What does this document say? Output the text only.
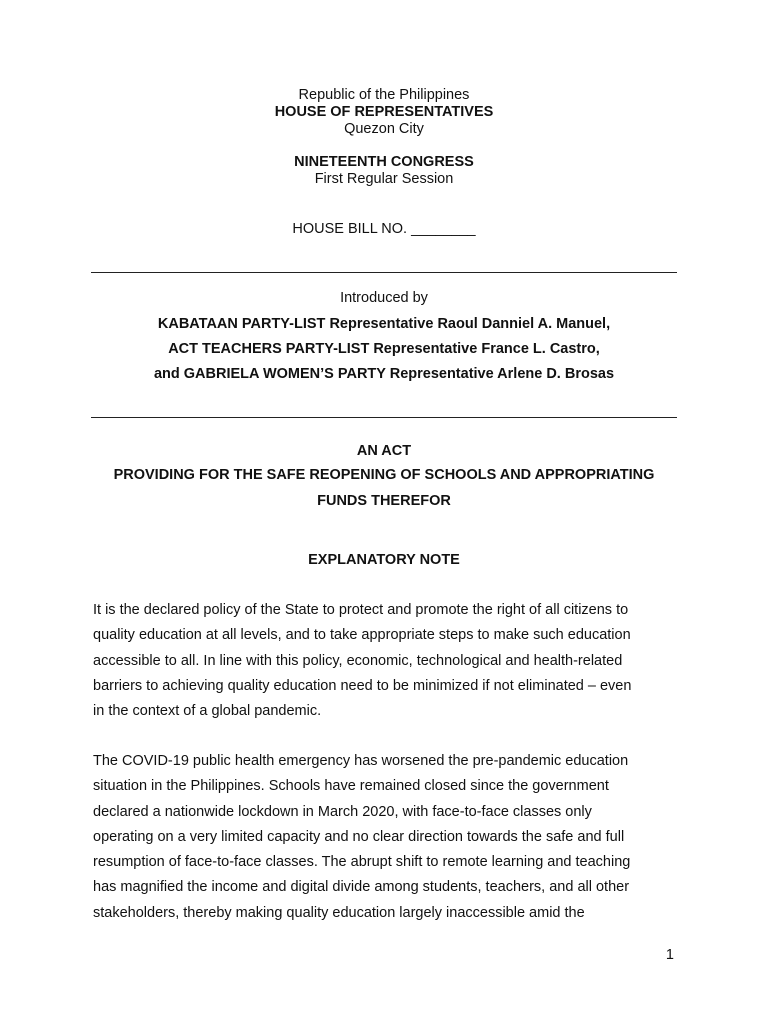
Republic of the Philippines
HOUSE OF REPRESENTATIVES
Quezon City
NINETEENTH CONGRESS
First Regular Session
HOUSE BILL NO. ________
Introduced by
KABATAAN PARTY-LIST Representative Raoul Danniel A. Manuel,
ACT TEACHERS PARTY-LIST Representative France L. Castro,
and GABRIELA WOMEN’S PARTY Representative Arlene D. Brosas
AN ACT
PROVIDING FOR THE SAFE REOPENING OF SCHOOLS AND APPROPRIATING
FUNDS THEREFOR
EXPLANATORY NOTE
It is the declared policy of the State to protect and promote the right of all citizens to
quality education at all levels, and to take appropriate steps to make such education
accessible to all. In line with this policy, economic, technological and health-related
barriers to achieving quality education need to be minimized if not eliminated – even
in the context of a global pandemic.
The COVID-19 public health emergency has worsened the pre-pandemic education
situation in the Philippines. Schools have remained closed since the government
declared a nationwide lockdown in March 2020, with face-to-face classes only
operating on a very limited capacity and no clear direction towards the safe and full
resumption of face-to-face classes. The abrupt shift to remote learning and teaching
has magnified the income and digital divide among students, teachers, and all other
stakeholders, thereby making quality education largely inaccessible amid the
1
